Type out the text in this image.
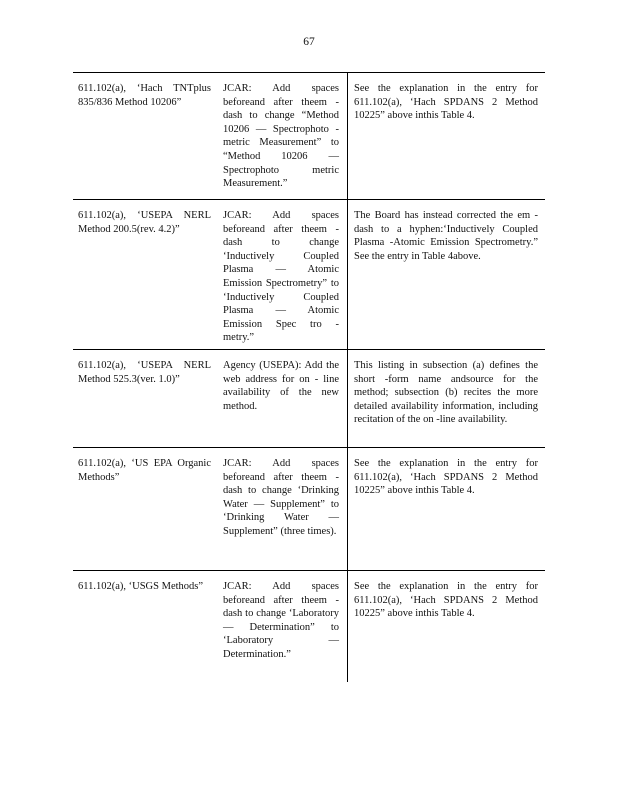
67
611.102(a), ‘Hach TNTplus 835/836 Method 10206”
JCAR: Add spaces beforeand after theem - dash to change “Method 10206 — Spectrophoto - metric Measurement” to “Method 10206 — Spectrophoto metric Measurement.”
See the explanation in the entry for 611.102(a), ‘Hach SPDANS 2 Method 10225” above inthis Table 4.
611.102(a), ‘USEPA NERL Method 200.5(rev. 4.2)”
JCAR: Add spaces beforeand after theem - dash to change ‘Inductively Coupled Plasma — Atomic Emission Spectrometry” to ‘Inductively Coupled Plasma — Atomic Emission Spec tro - metry.”
The Board has instead corrected the em -dash to a hyphen:‘Inductively Coupled Plasma -Atomic Emission Spectrometry.” See the entry in Table 4above.
611.102(a), ‘USEPA NERL Method 525.3(ver. 1.0)”
Agency (USEPA): Add the web address for on - line availability of the new method.
This listing in subsection (a) defines the short -form name andsource for the method; subsection (b) recites the more detailed availability information, including recitation of the on -line availability.
611.102(a), ‘US EPA Organic Methods”
JCAR: Add spaces beforeand after theem - dash to change ‘Drinking Water — Supplement” to ‘Drinking Water — Supplement” (three times).
See the explanation in the entry for 611.102(a), ‘Hach SPDANS 2 Method 10225” above inthis Table 4.
611.102(a), ‘USGS Methods”	JCAR: Add spaces beforeand after theem - dash to change ‘Laboratory — Determination” to ‘Laboratory — Determination.”
See the explanation in the entry for 611.102(a), ‘Hach SPDANS 2 Method 10225” above inthis Table 4.
